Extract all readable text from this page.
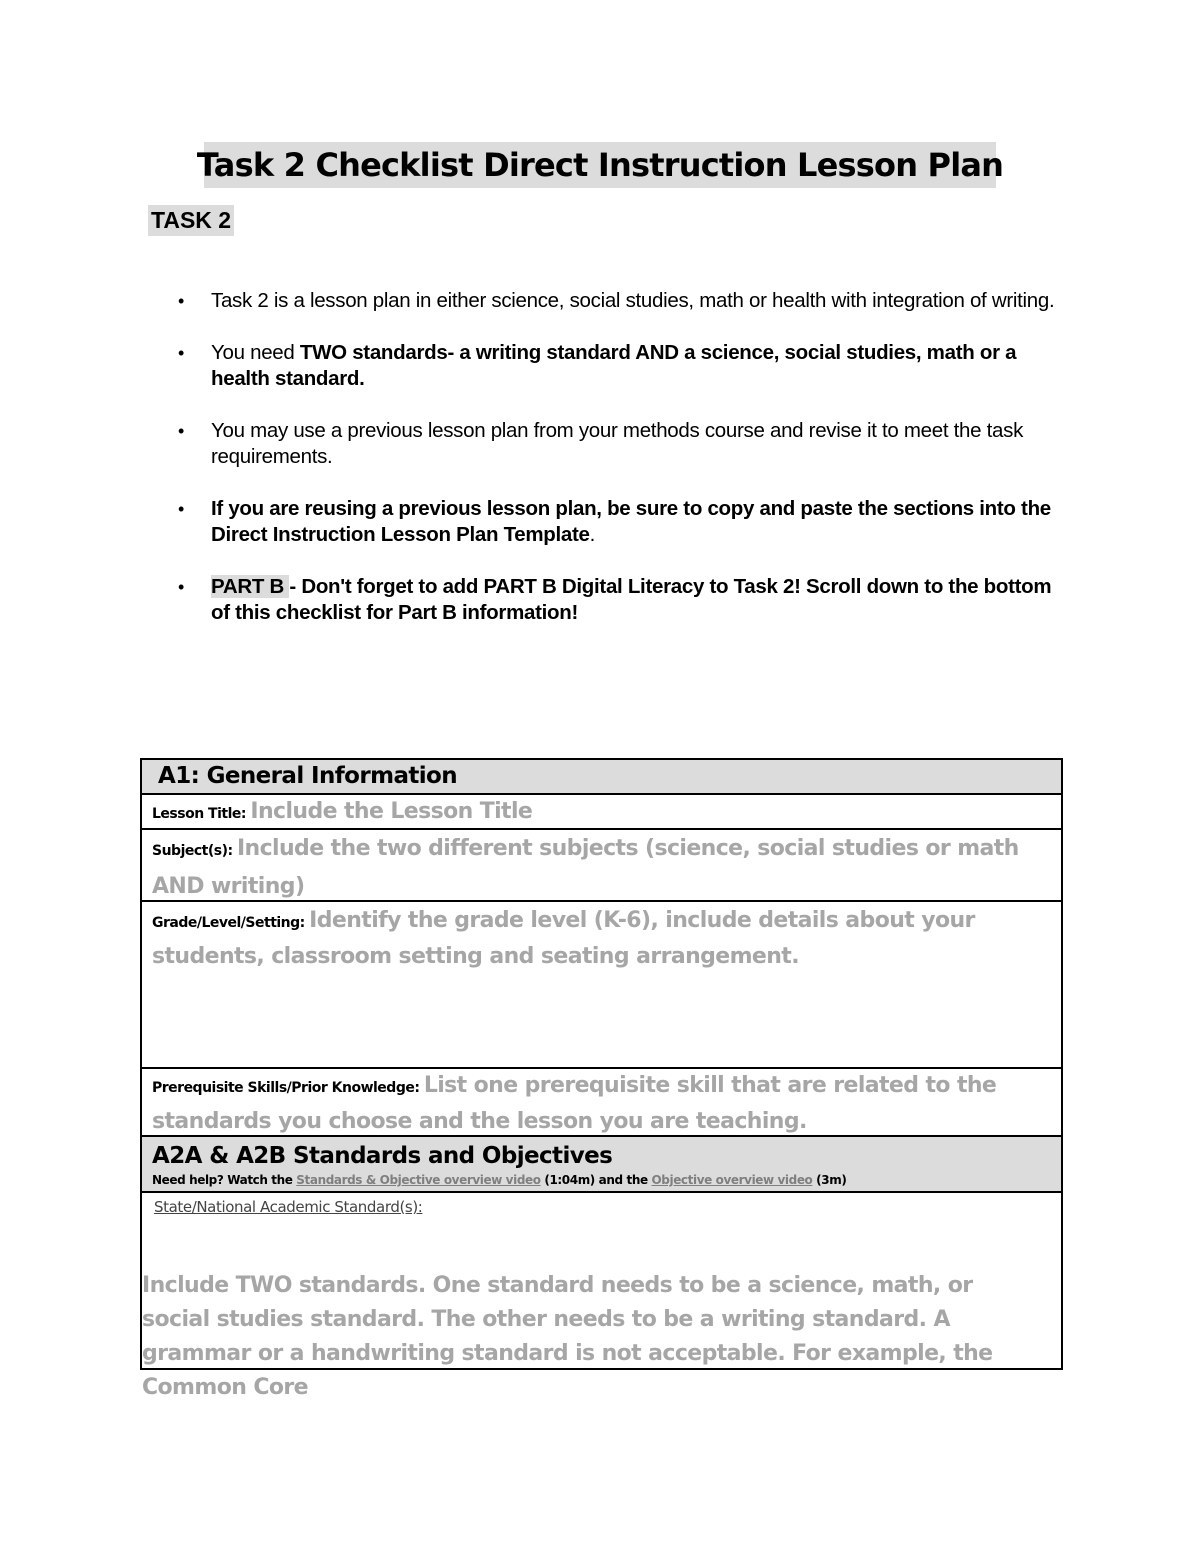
Task 2 Checklist Direct Instruction Lesson Plan
TASK 2
• Task 2 is a lesson plan in either science, social studies, math or health with integration of writing.
• You need TWO standards- a writing standard AND a science, social studies, math or a health standard.
• You may use a previous lesson plan from your methods course and revise it to meet the task requirements.
• If you are reusing a previous lesson plan, be sure to copy and paste the sections into the Direct Instruction Lesson Plan Template.
• PART B - Don't forget to add PART B Digital Literacy to Task 2! Scroll down to the bottom of this checklist for Part B information!
A1: General Information
Lesson Title: Include the Lesson Title
Subject(s): Include the two different subjects (science, social studies or math AND writing)
Grade/Level/Setting: Identify the grade level (K-6), include details about your students, classroom setting and seating arrangement.
Prerequisite Skills/Prior Knowledge: List one prerequisite skill that are related to the standards you choose and the lesson you are teaching.
A2A & A2B Standards and Objectives
Need help? Watch the Standards & Objective overview video (1:04m) and the Objective overview video (3m)
State/National Academic Standard(s):
Include TWO standards. One standard needs to be a science, math, or social studies standard. The other needs to be a writing standard. A grammar or a handwriting standard is not acceptable. For example, the Common Core
